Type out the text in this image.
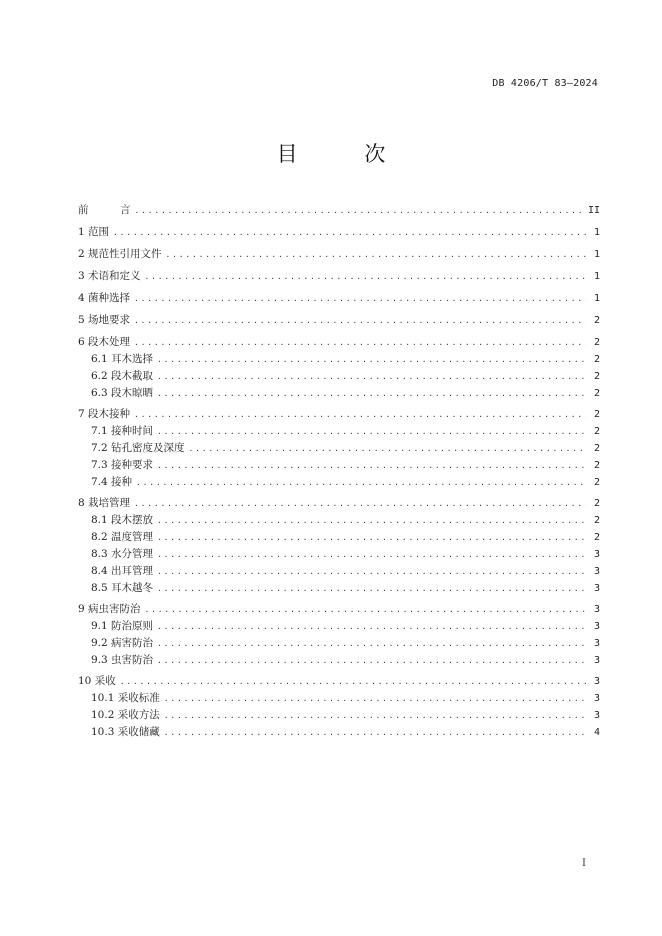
DB 4206/T 83—2024
目 次
前　　　言 .....	II
1 范围 .....	1
2 规范性引用文件 .....	1
3 术语和定义 .....	1
4 菌种选择 .....	1
5 场地要求 .....	2
6 段木处理 .....	2
6.1 耳木选择 .....	2
6.2 段木截取 .....	2
6.3 段木晾晒 .....	2
7 段木接种 .....	2
7.1 接种时间 .....	2
7.2 钻孔密度及深度 .....	2
7.3 接种要求 .....	2
7.4 接种 .....	2
8 栽培管理 .....	2
8.1 段木摆放 .....	2
8.2 温度管理 .....	2
8.3 水分管理 .....	3
8.4 出耳管理 .....	3
8.5 耳木越冬 .....	3
9 病虫害防治 .....	3
9.1 防治原则 .....	3
9.2 病害防治 .....	3
9.3 虫害防治 .....	3
10 采收 .....	3
10.1 采收标准 .....	3
10.2 采收方法 .....	3
10.3 采收储藏 .....	4
I
